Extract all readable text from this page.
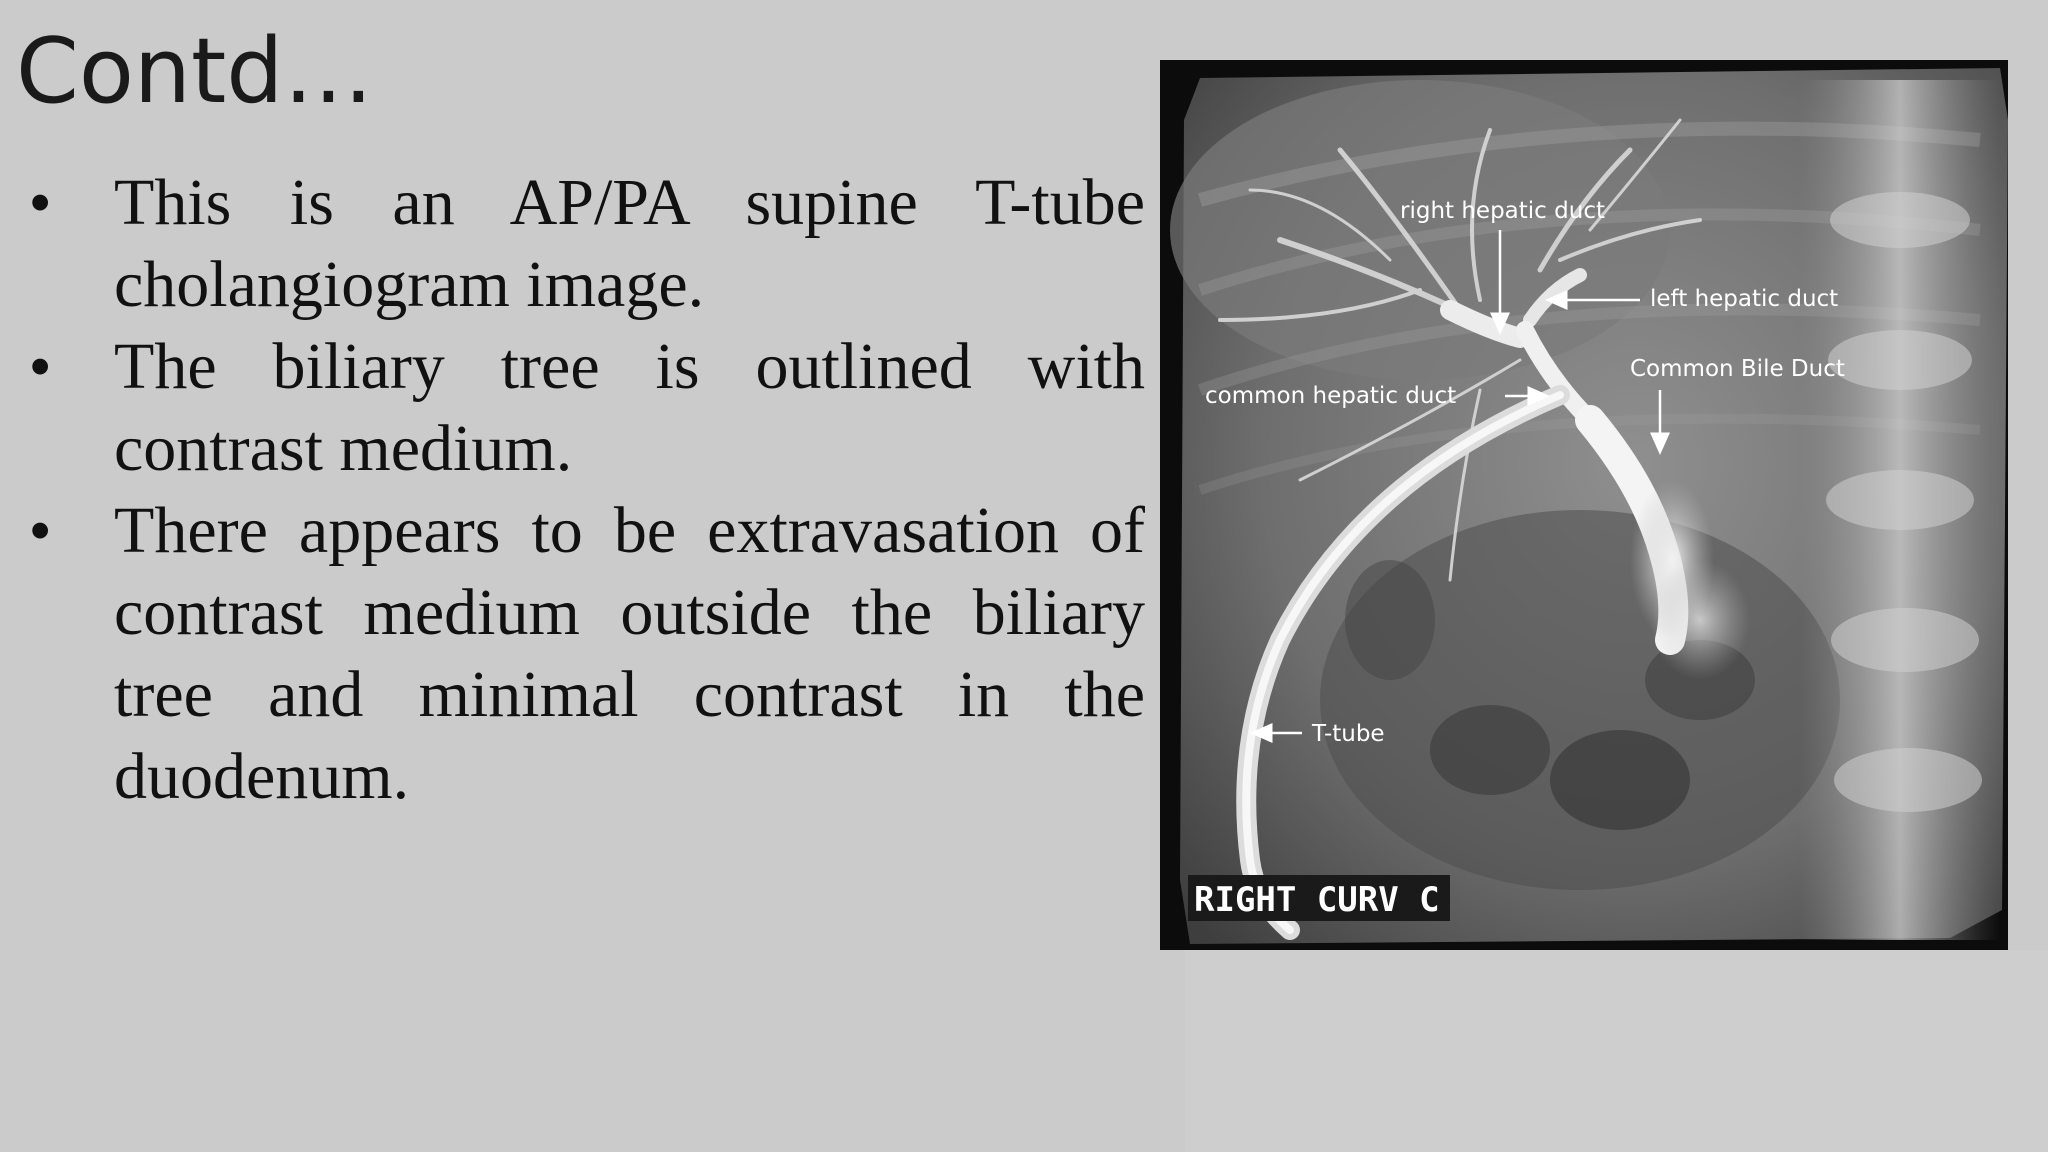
Contd…
• This is an AP/PA supine T-tube cholangiogram image.
• The biliary tree is outlined with contrast medium.
• There appears to be extravasation of contrast medium outside the biliary tree and minimal contrast in the duodenum.
right hepatic duct
left hepatic duct
Common Bile Duct
common hepatic duct
T-tube
RIGHT CURV C
